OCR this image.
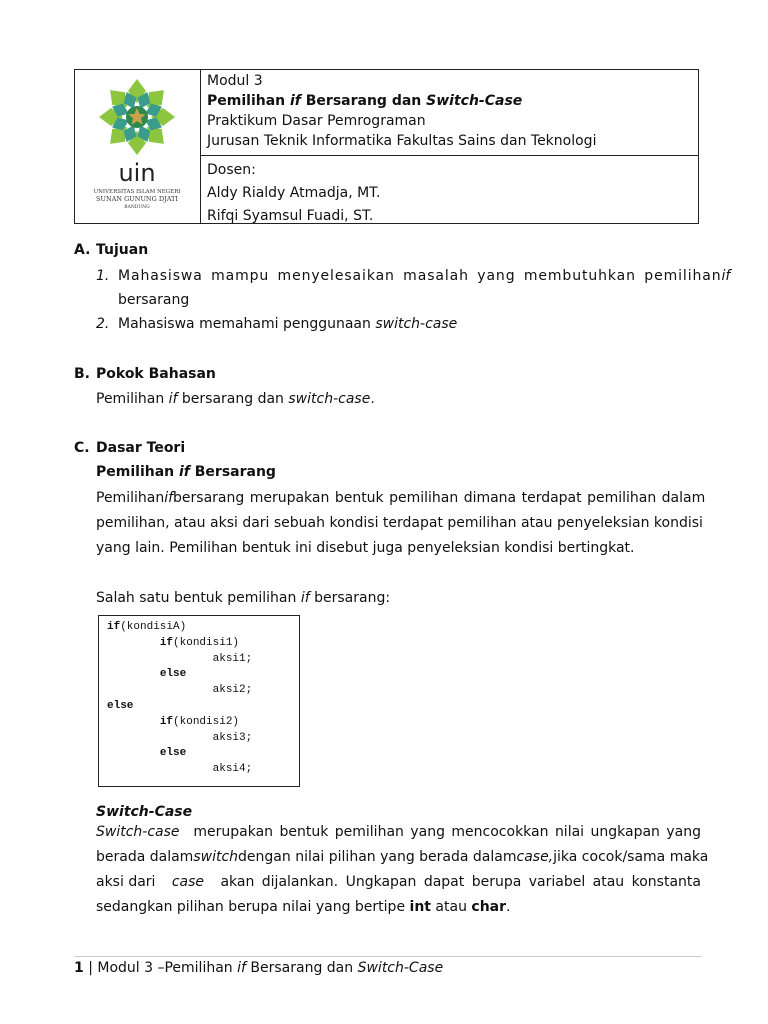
uin
UNIVERSITAS ISLAM NEGERI
SUNAN GUNUNG DJATI
BANDUNG
Modul 3
Pemilihan if Bersarang dan Switch-Case
Praktikum Dasar Pemrograman
Jurusan Teknik Informatika Fakultas Sains dan Teknologi
Dosen:
Aldy Rialdy Atmadja, MT.
Rifqi Syamsul Fuadi, ST.
A. Tujuan
1. Mahasiswa mampu menyelesaikan masalah yang membutuhkan pemilihan if
bersarang
2. Mahasiswa memahami penggunaan switch-case
B. Pokok Bahasan
Pemilihan if bersarang dan switch-case.
C. Dasar Teori
Pemilihan if Bersarang
Pemilihan if bersarang merupakan bentuk pemilihan dimana terdapat pemilihan dalam
pemilihan, atau aksi dari sebuah kondisi terdapat pemilihan atau penyeleksian kondisi
yang lain. Pemilihan bentuk ini disebut juga penyeleksian kondisi bertingkat.
Salah satu bentuk pemilihan if bersarang:
if(kondisiA)
if(kondisi1)
aksi1;
else
aksi2;
else
if(kondisi2)
aksi3;
else
aksi4;
Switch-Case
Switch-case merupakan bentuk pemilihan yang mencocokkan nilai ungkapan yang
berada dalam switch dengan nilai pilihan yang berada dalam case, jika cocok/sama maka
aksi dari case akan dijalankan. Ungkapan dapat berupa variabel atau konstanta
sedangkan pilihan berupa nilai yang bertipe int atau char.
1 | Modul 3 –Pemilihan if Bersarang dan Switch-Case
